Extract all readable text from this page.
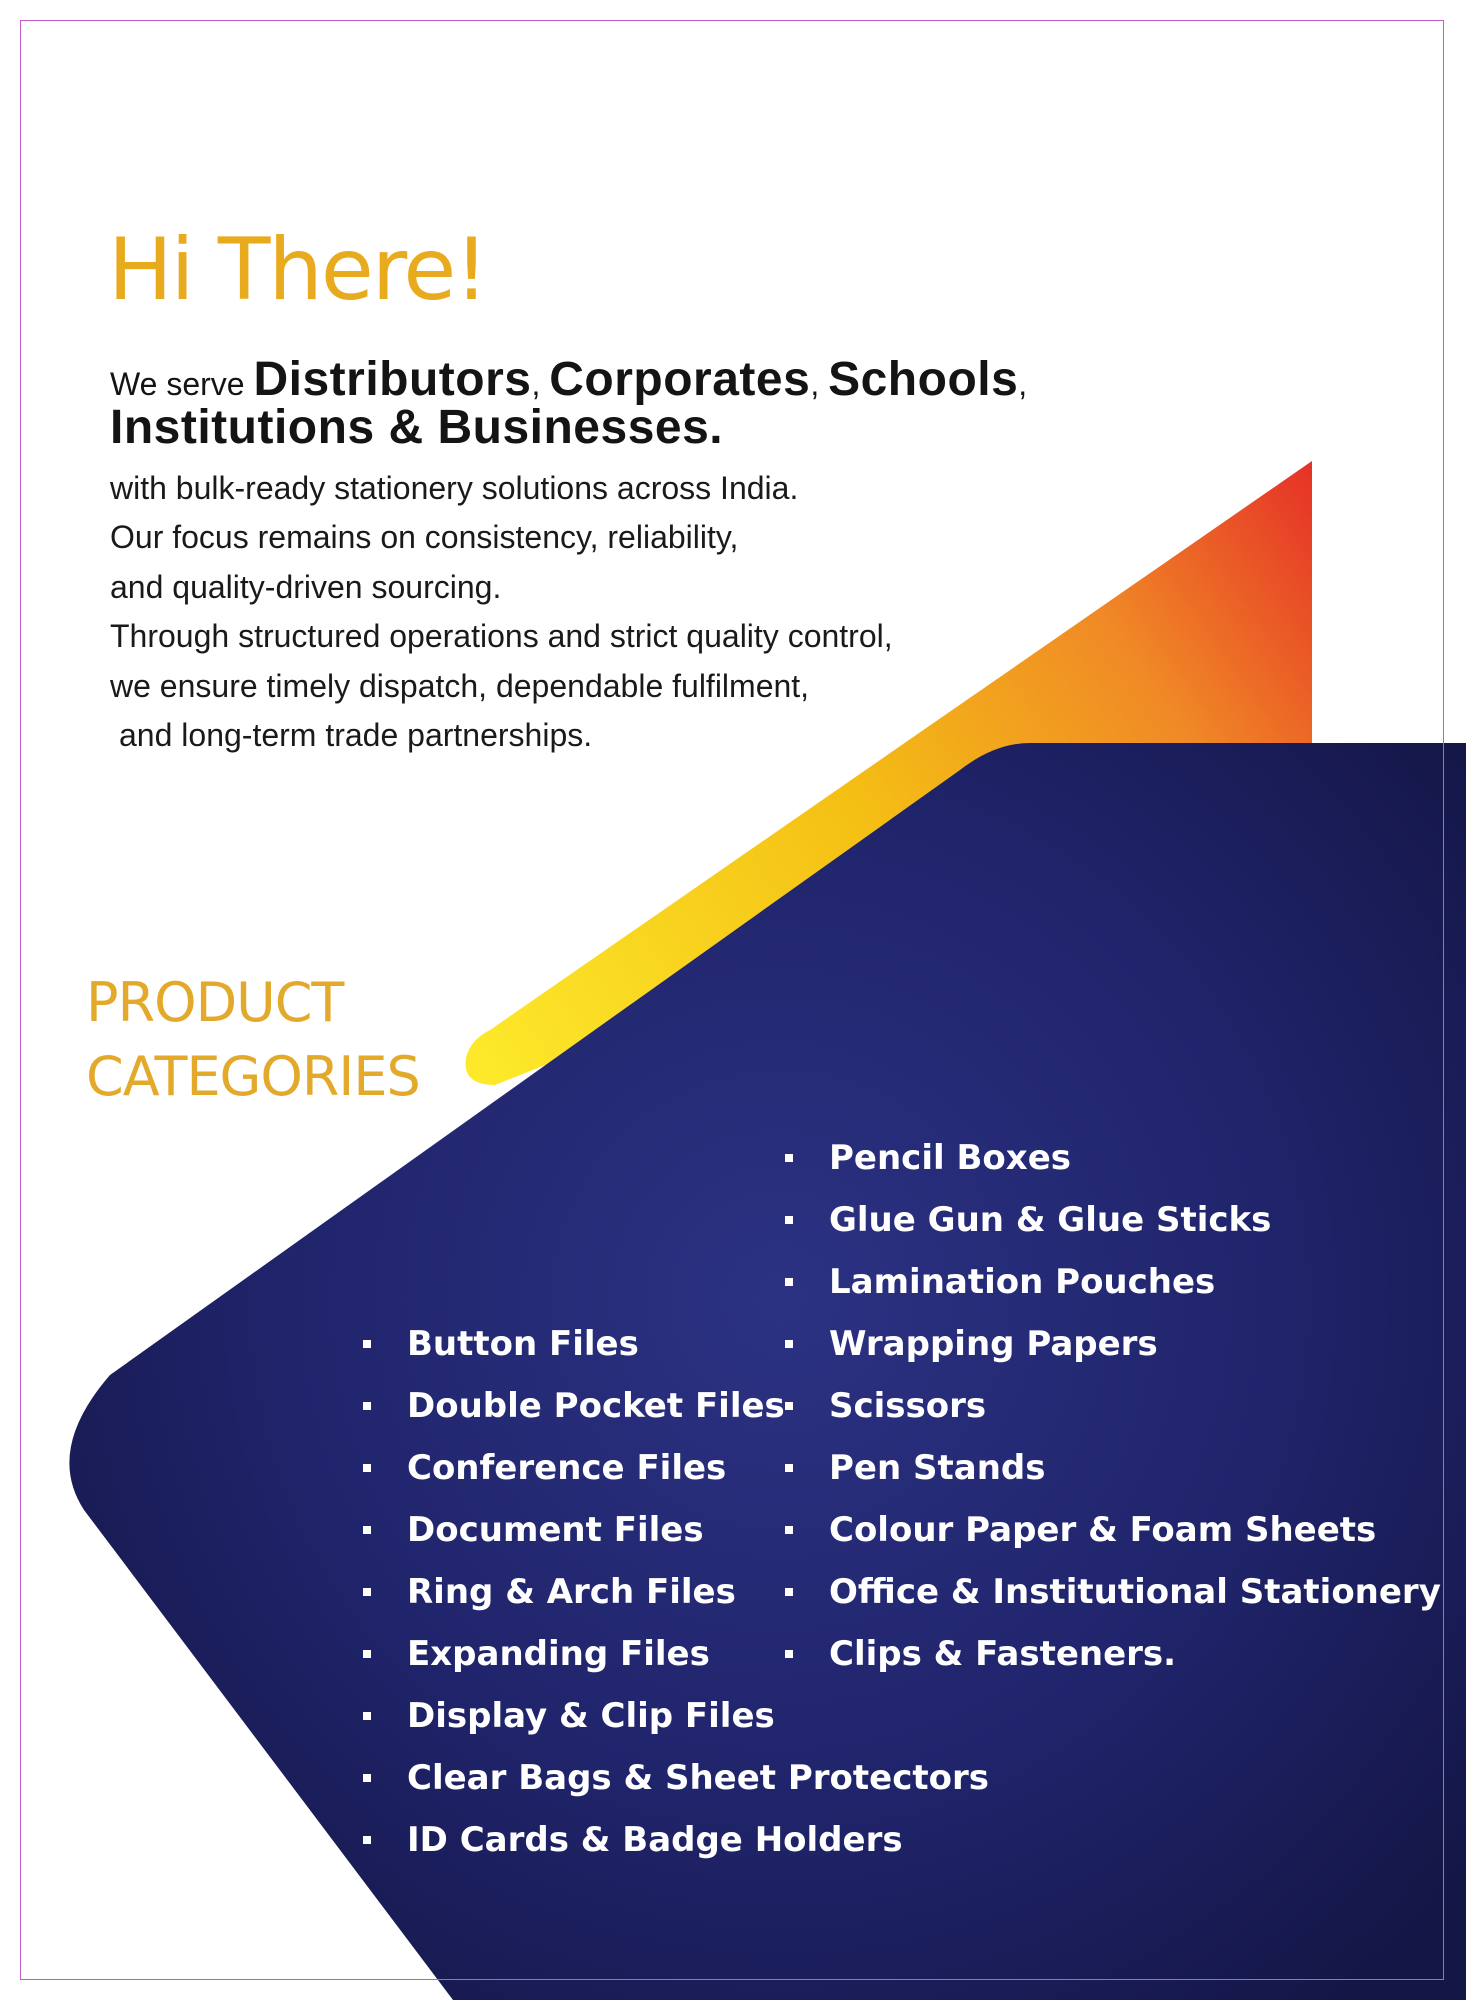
Hi There!
We serve Distributors, Corporates, Schools,
Institutions & Businesses.
with bulk-ready stationery solutions across India.
Our focus remains on consistency, reliability,
and quality-driven sourcing.
Through structured operations and strict quality control,
we ensure timely dispatch, dependable fulfilment,
and long-term trade partnerships.
PRODUCT
CATEGORIES
Button Files
Double Pocket Files
Conference Files
Document Files
Ring & Arch Files
Expanding Files
Display & Clip Files
Clear Bags & Sheet Protectors
ID Cards & Badge Holders
Pencil Boxes
Glue Gun & Glue Sticks
Lamination Pouches
Wrapping Papers
Scissors
Pen Stands
Colour Paper & Foam Sheets
Office & Institutional Stationery
Clips & Fasteners.
